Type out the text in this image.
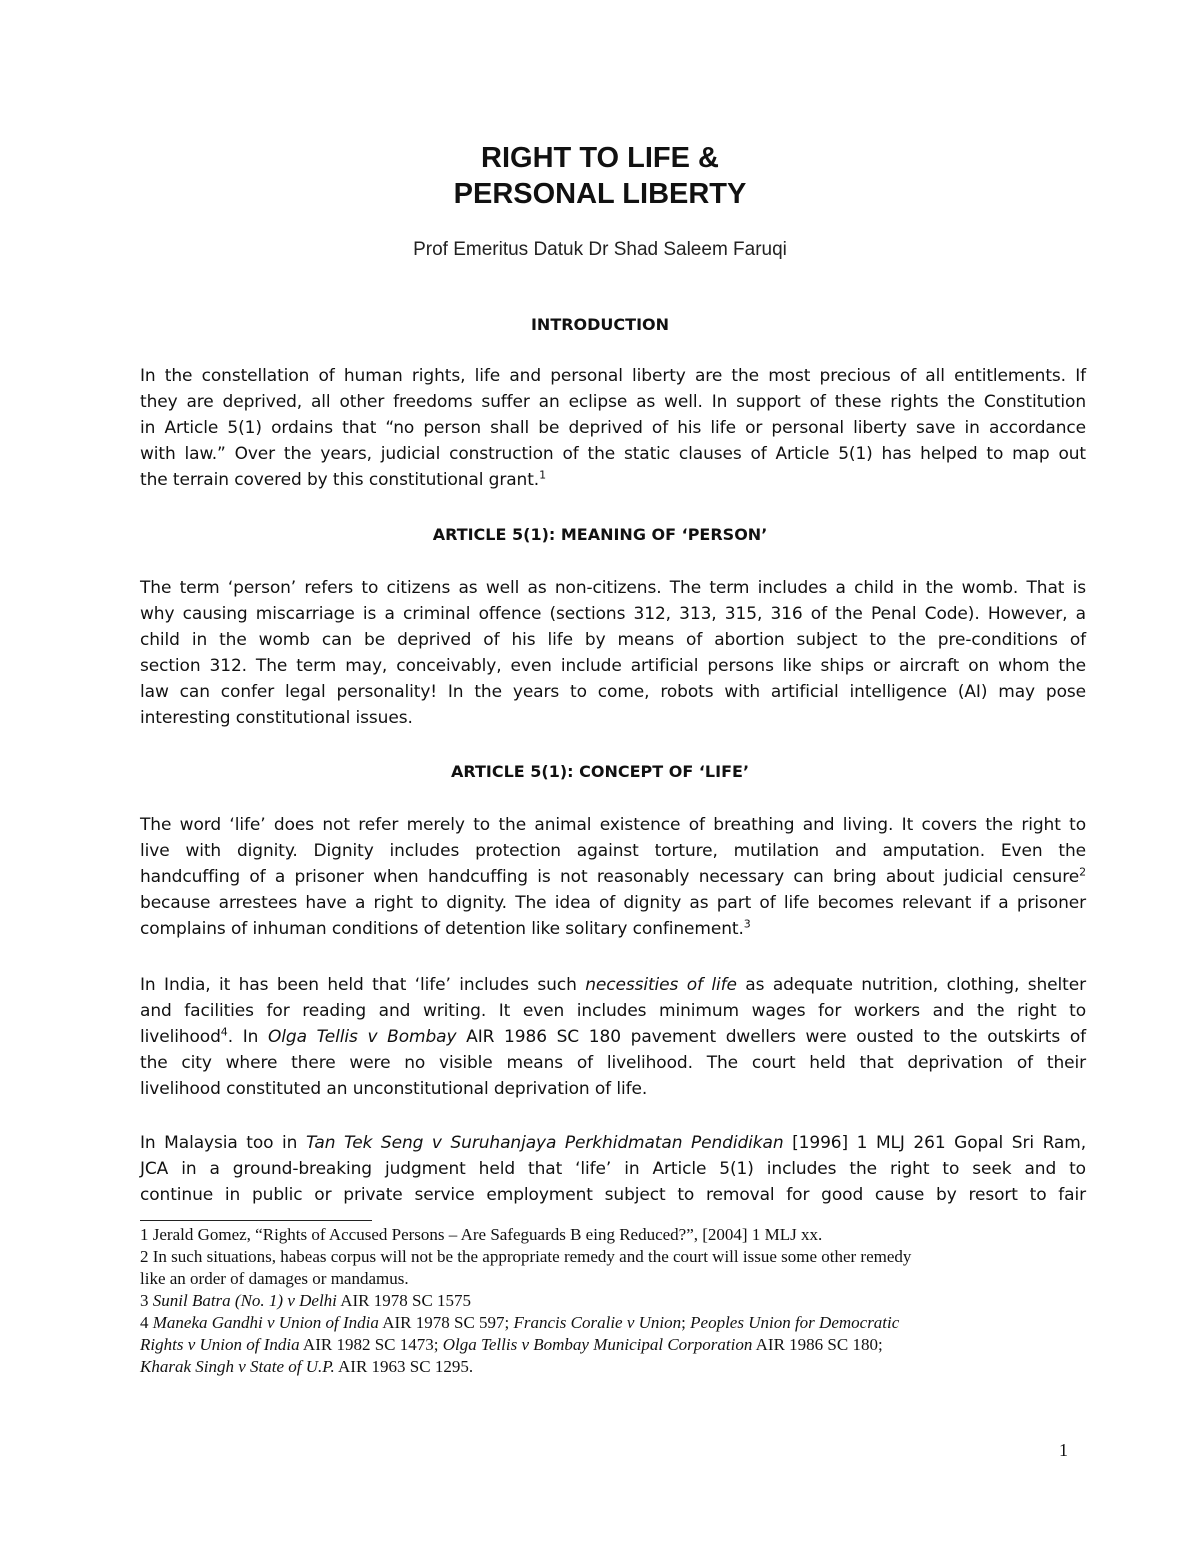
RIGHT TO LIFE &
PERSONAL LIBERTY
Prof Emeritus Datuk Dr Shad Saleem Faruqi
INTRODUCTION
In the constellation of human rights, life and personal liberty are the most precious of all entitlements. If
they are deprived, all other freedoms suffer an eclipse as well. In support of these rights the Constitution
in Article 5(1) ordains that “no person shall be deprived of his life or personal liberty save in accordance
with law.” Over the years, judicial construction of the static clauses of Article 5(1) has helped to map out
the terrain covered by this constitutional grant.$^1$
ARTICLE 5(1): MEANING OF ‘PERSON’
The term ‘person’ refers to citizens as well as non-citizens. The term includes a child in the womb. That is
why causing miscarriage is a criminal offence (sections 312, 313, 315, 316 of the Penal Code). However, a
child in the womb can be deprived of his life by means of abortion subject to the pre-conditions of
section 312. The term may, conceivably, even include artificial persons like ships or aircraft on whom the
law can confer legal personality! In the years to come, robots with artificial intelligence (AI) may pose
interesting constitutional issues.
ARTICLE 5(1): CONCEPT OF ‘LIFE’
The word ‘life’ does not refer merely to the animal existence of breathing and living. It covers the right to
live with dignity. Dignity includes protection against torture, mutilation and amputation. Even the
handcuffing of a prisoner when handcuffing is not reasonably necessary can bring about judicial censure$^2$
because arrestees have a right to dignity. The idea of dignity as part of life becomes relevant if a prisoner
complains of inhuman conditions of detention like solitary confinement.$^3$
In India, it has been held that ‘life’ includes such necessities of life as adequate nutrition, clothing, shelter
and facilities for reading and writing. It even includes minimum wages for workers and the right to
livelihood$^4$. In Olga Tellis v Bombay AIR 1986 SC 180 pavement dwellers were ousted to the outskirts of
the city where there were no visible means of livelihood. The court held that deprivation of their
livelihood constituted an unconstitutional deprivation of life.
In Malaysia too in Tan Tek Seng v Suruhanjaya Perkhidmatan Pendidikan [1996] 1 MLJ 261 Gopal Sri Ram,
JCA in a ground-breaking judgment held that ‘life’ in Article 5(1) includes the right to seek and to
continue in public or private service employment subject to removal for good cause by resort to fair
1 Jerald Gomez, “Rights of Accused Persons – Are Safeguards B eing Reduced?”, [2004] 1 MLJ xx.
2 In such situations, habeas corpus will not be the appropriate remedy and the court will issue some other remedy
like an order of damages or mandamus.
3 Sunil Batra (No. 1) v Delhi AIR 1978 SC 1575
4 Maneka Gandhi v Union of India AIR 1978 SC 597; Francis Coralie v Union; Peoples Union for Democratic
Rights v Union of India AIR 1982 SC 1473; Olga Tellis v Bombay Municipal Corporation AIR 1986 SC 180;
Kharak Singh v State of U.P. AIR 1963 SC 1295.
1
